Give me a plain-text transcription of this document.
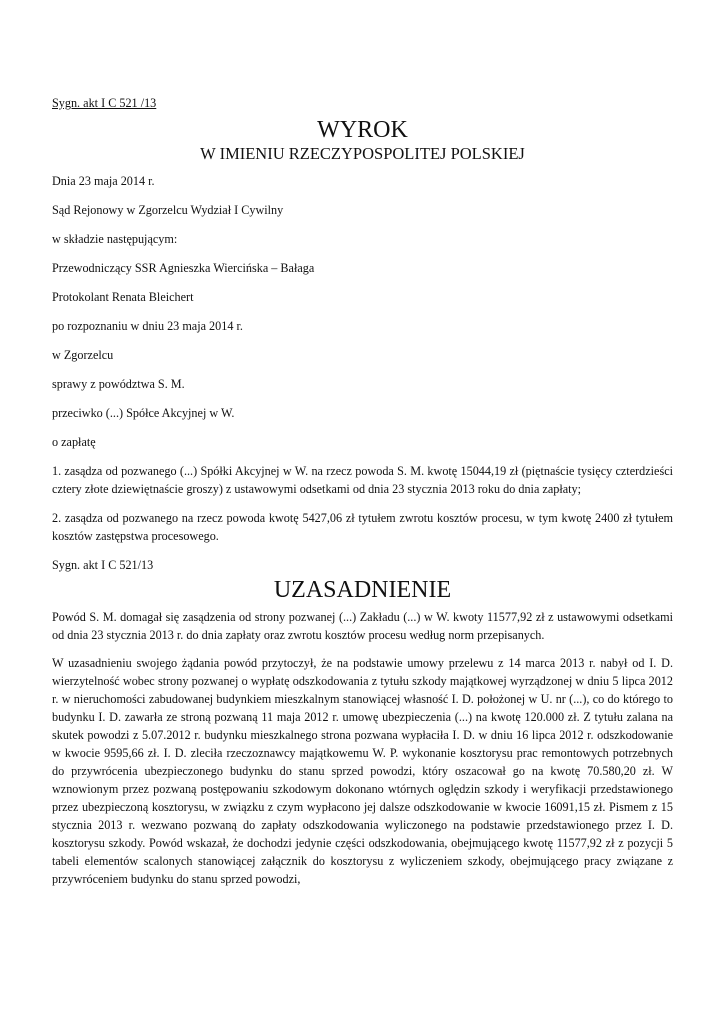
Sygn. akt I C 521 /13
WYROK
W IMIENIU RZECZYPOSPOLITEJ POLSKIEJ
Dnia 23 maja 2014 r.
Sąd Rejonowy w Zgorzelcu Wydział I Cywilny
w składzie następującym:
Przewodniczący SSR Agnieszka Wiercińska – Bałaga
Protokolant Renata Bleichert
po rozpoznaniu w dniu 23 maja 2014 r.
w Zgorzelcu
sprawy z powództwa S. M.
przeciwko (...) Spółce Akcyjnej w W.
o zapłatę
1. zasądza od pozwanego (...) Spółki Akcyjnej w W. na rzecz powoda S. M. kwotę 15044,19 zł (piętnaście tysięcy czterdzieści cztery złote dziewiętnaście groszy) z ustawowymi odsetkami od dnia 23 stycznia 2013 roku do dnia zapłaty;
2. zasądza od pozwanego na rzecz powoda kwotę 5427,06 zł tytułem zwrotu kosztów procesu, w tym kwotę 2400 zł tytułem kosztów zastępstwa procesowego.
Sygn. akt I C 521/13
UZASADNIENIE
Powód S. M. domagał się zasądzenia od strony pozwanej (...) Zakładu (...) w W. kwoty 11577,92 zł z ustawowymi odsetkami od dnia 23 stycznia 2013 r. do dnia zapłaty oraz zwrotu kosztów procesu według norm przepisanych.
W uzasadnieniu swojego żądania powód przytoczył, że na podstawie umowy przelewu z 14 marca 2013 r. nabył od I. D. wierzytelność wobec strony pozwanej o wypłatę odszkodowania z tytułu szkody majątkowej wyrządzonej w dniu 5 lipca 2012 r. w nieruchomości zabudowanej budynkiem mieszkalnym stanowiącej własność I. D. położonej w U. nr (...), co do którego to budynku I. D. zawarła ze stroną pozwaną 11 maja 2012 r. umowę ubezpieczenia (...) na kwotę 120.000 zł. Z tytułu zalana na skutek powodzi z 5.07.2012 r. budynku mieszkalnego strona pozwana wypłaciła I. D. w dniu 16 lipca 2012 r. odszkodowanie w kwocie 9595,66 zł. I. D. zleciła rzeczoznawcy majątkowemu W. P. wykonanie kosztorysu prac remontowych potrzebnych do przywrócenia ubezpieczonego budynku do stanu sprzed powodzi, który oszacował go na kwotę 70.580,20 zł. W wznowionym przez pozwaną postępowaniu szkodowym dokonano wtórnych oględzin szkody i weryfikacji przedstawionego przez ubezpieczoną kosztorysu, w związku z czym wypłacono jej dalsze odszkodowanie w kwocie 16091,15 zł. Pismem z 15 stycznia 2013 r. wezwano pozwaną do zapłaty odszkodowania wyliczonego na podstawie przedstawionego przez I. D. kosztorysu szkody. Powód wskazał, że dochodzi jedynie części odszkodowania, obejmującego kwotę 11577,92 zł z pozycji 5 tabeli elementów scalonych stanowiącej załącznik do kosztorysu z wyliczeniem szkody, obejmującego pracy związane z przywróceniem budynku do stanu sprzed powodzi,
